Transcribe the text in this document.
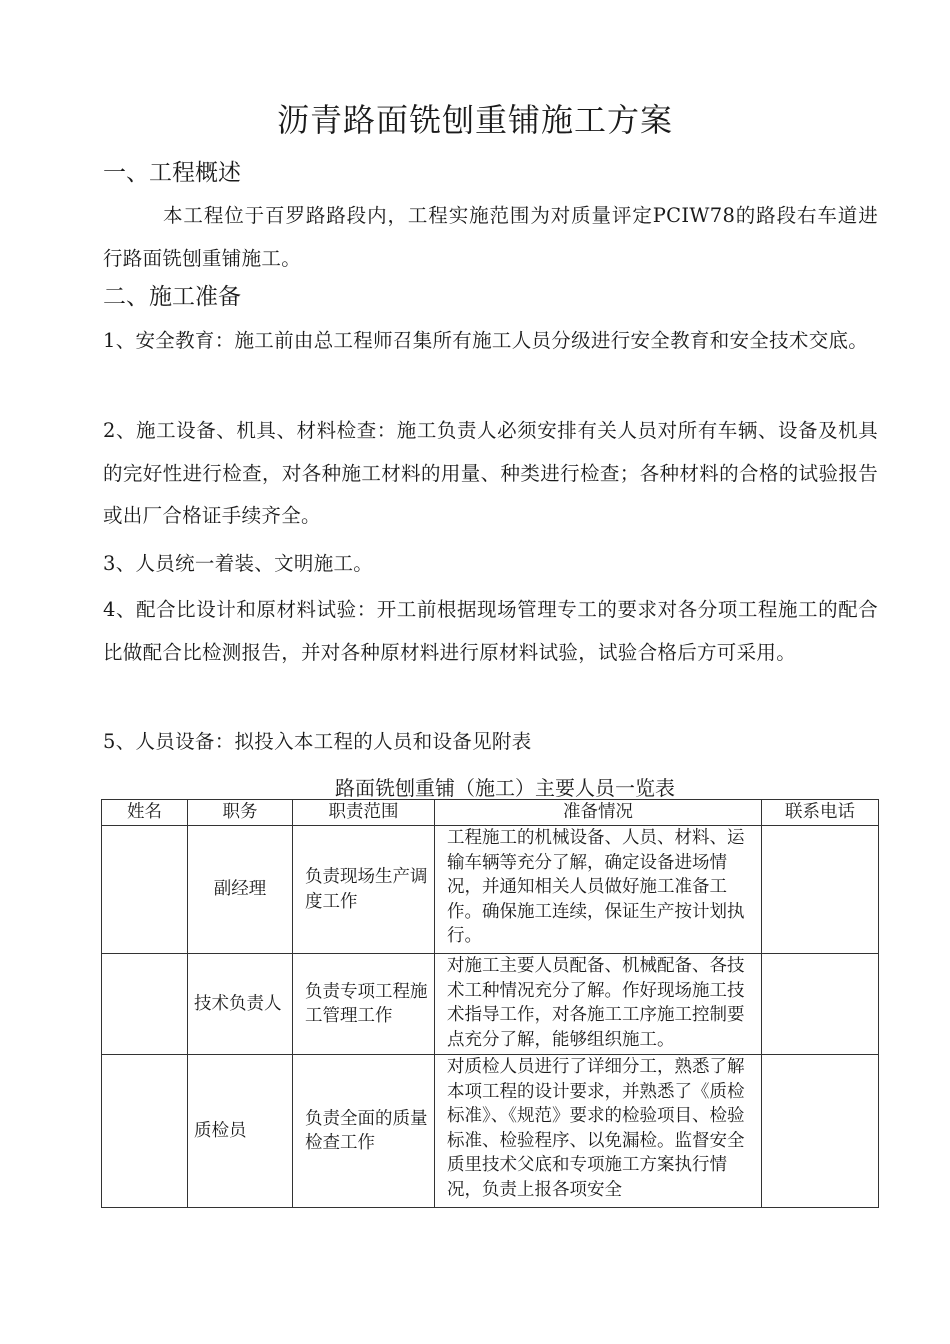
沥青路面铣刨重铺施工方案
一、工程概述
本工程位于百罗路路段内，工程实施范围为对质量评定PCIW78的路段右车道进行路面铣刨重铺施工。
二、施工准备
1、安全教育：施工前由总工程师召集所有施工人员分级进行安全教育和安全技术交底。
2、施工设备、机具、材料检查：施工负责人必须安排有关人员对所有车辆、设备及机具的完好性进行检查，对各种施工材料的用量、种类进行检查；各种材料的合格的试验报告或出厂合格证手续齐全。
3、人员统一着装、文明施工。
4、配合比设计和原材料试验：开工前根据现场管理专工的要求对各分项工程施工的配合比做配合比检测报告，并对各种原材料进行原材料试验，试验合格后方可采用。
5、人员设备：拟投入本工程的人员和设备见附表
路面铣刨重铺（施工）主要人员一览表
姓名	职务	职责范围	准备情况	联系电话
	副经理	负责现场生产调度工作	工程施工的机械设备、人员、材料、运输车辆等充分了解，确定设备进场情况，并通知相关人员做好施工准备工作。确保施工连续，保证生产按计划执行。	
	技术负责人	负责专项工程施工管理工作	对施工主要人员配备、机械配备、各技术工种情况充分了解。作好现场施工技术指导工作，对各施工工序施工控制要点充分了解，能够组织施工。	
	质检员	负责全面的质量检查工作	对质检人员进行了详细分工，熟悉了解本项工程的设计要求，并熟悉了《质检标准》、《规范》要求的检验项目、检验标准、检验程序、以免漏检。监督安全质里技术父底和专项施工方案执行情况，负责上报各项安全	
